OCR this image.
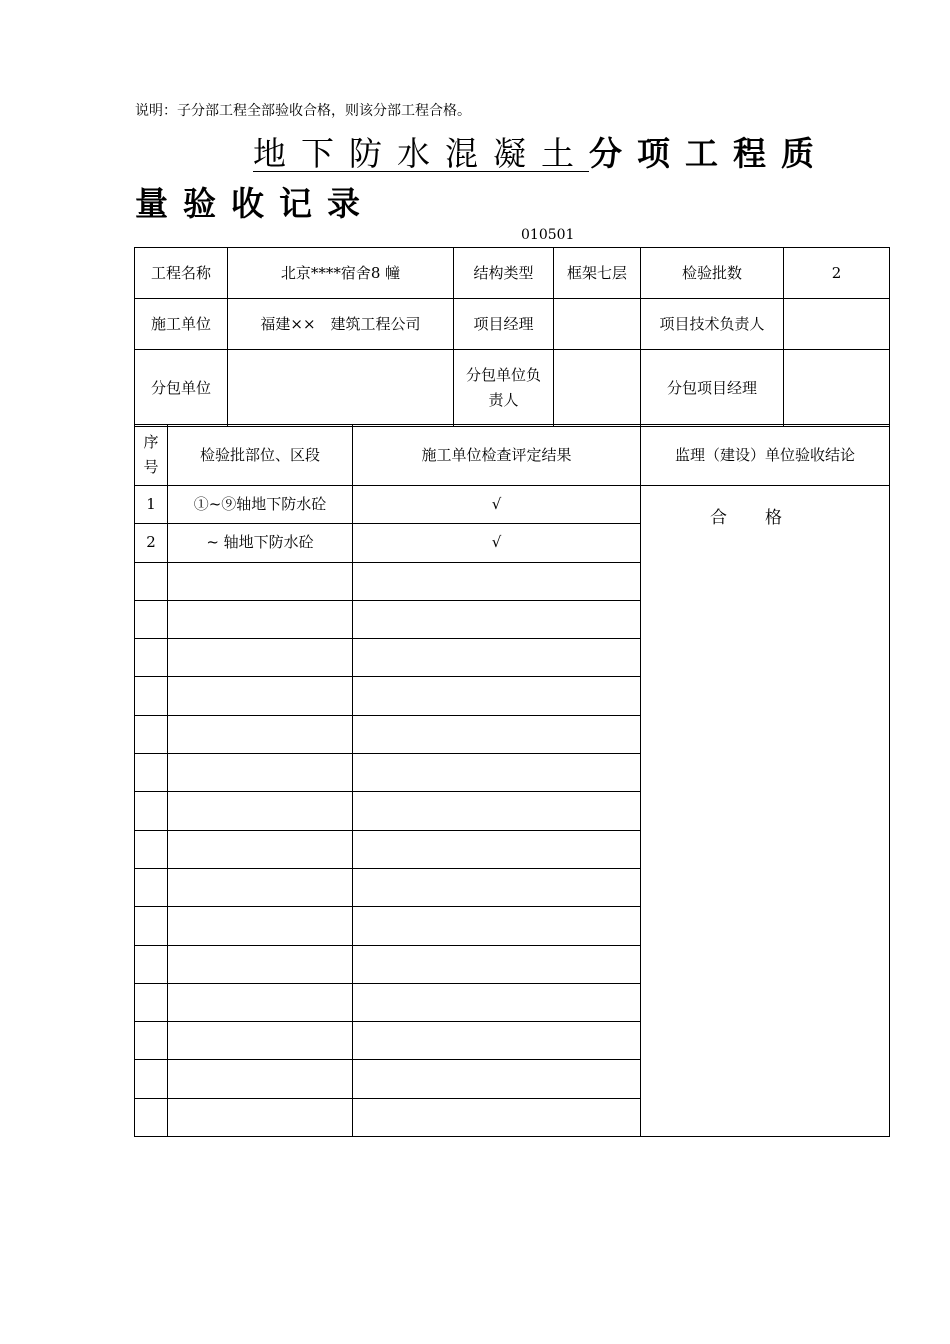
说明：子分部工程全部验收合格，则该分部工程合格。
地下防水混凝土分项工程质
量验收记录
010501
工程名称	北京****宿舍8 幢	结构类型	框架七层	检验批数	2
施工单位	福建××　建筑工程公司	项目经理		项目技术负责人	
分包单位		分包单位负　责人		分包项目经理	
序号	检验批部位、区段	施工单位检查评定结果	监理（建设）单位验收结论
1	①~⑨轴地下防水砼	√	合格
2	~ 轴地下防水砼	√	
